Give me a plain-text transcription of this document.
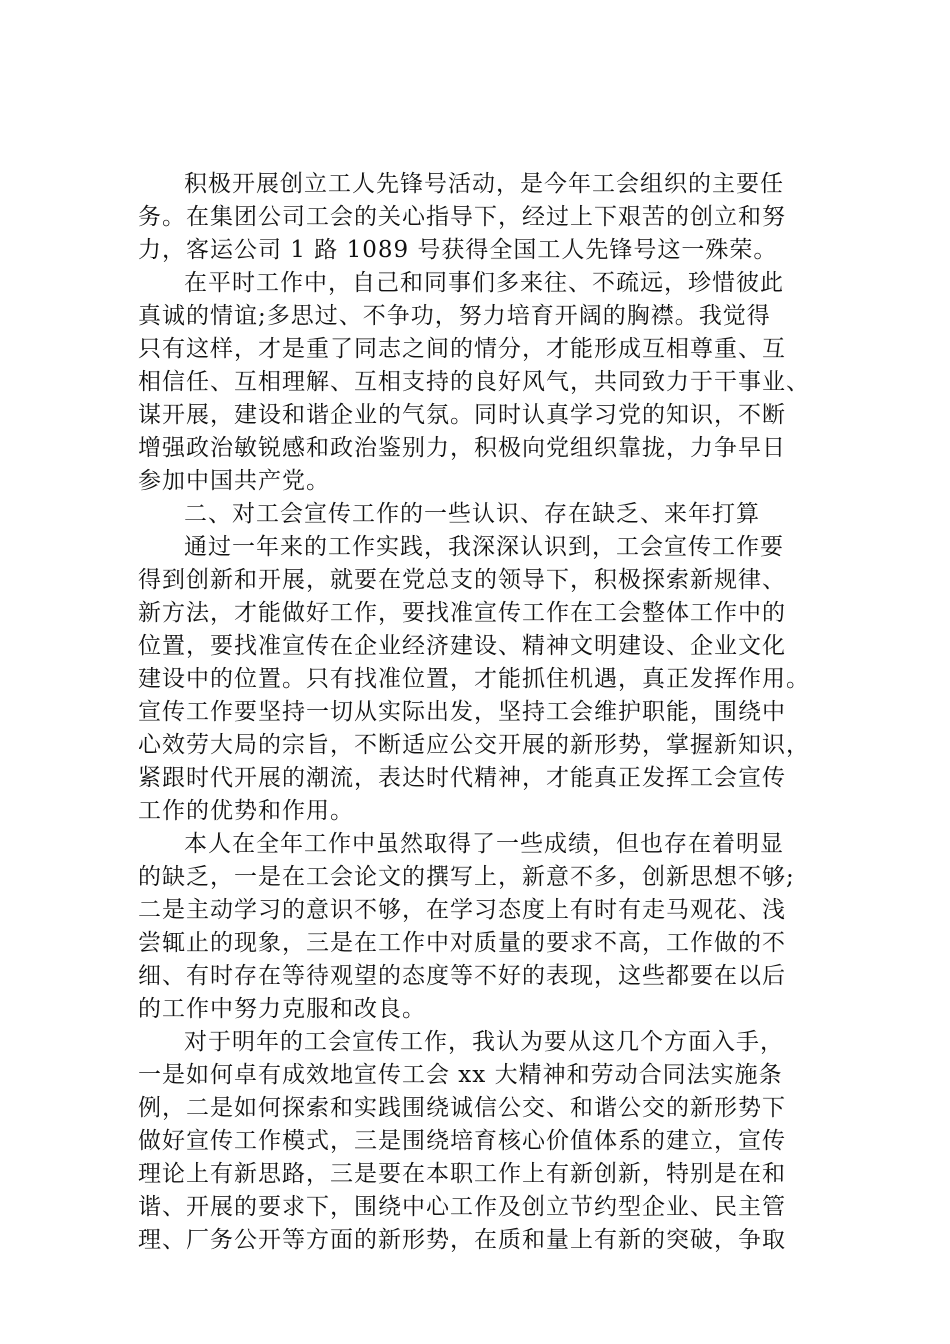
积极开展创立工人先锋号活动，是今年工会组织的主要任
务。在集团公司工会的关心指导下，经过上下艰苦的创立和努
力，客运公司 1 路 1089 号获得全国工人先锋号这一殊荣。
在平时工作中，自己和同事们多来往、不疏远，珍惜彼此
真诚的情谊;多思过、不争功，努力培育开阔的胸襟。我觉得
只有这样，才是重了同志之间的情分，才能形成互相尊重、互
相信任、互相理解、互相支持的良好风气，共同致力于干事业、
谋开展，建设和谐企业的气氛。同时认真学习党的知识，不断
增强政治敏锐感和政治鉴别力，积极向党组织靠拢，力争早日
参加中国共产党。
二、对工会宣传工作的一些认识、存在缺乏、来年打算
通过一年来的工作实践，我深深认识到，工会宣传工作要
得到创新和开展，就要在党总支的领导下，积极探索新规律、
新方法，才能做好工作，要找准宣传工作在工会整体工作中的
位置，要找准宣传在企业经济建设、精神文明建设、企业文化
建设中的位置。只有找准位置，才能抓住机遇，真正发挥作用。
宣传工作要坚持一切从实际出发，坚持工会维护职能，围绕中
心效劳大局的宗旨，不断适应公交开展的新形势，掌握新知识，
紧跟时代开展的潮流，表达时代精神，才能真正发挥工会宣传
工作的优势和作用。
本人在全年工作中虽然取得了一些成绩，但也存在着明显
的缺乏，一是在工会论文的撰写上，新意不多，创新思想不够;
二是主动学习的意识不够，在学习态度上有时有走马观花、浅
尝辄止的现象，三是在工作中对质量的要求不高，工作做的不
细、有时存在等待观望的态度等不好的表现，这些都要在以后
的工作中努力克服和改良。
对于明年的工会宣传工作，我认为要从这几个方面入手，
一是如何卓有成效地宣传工会 xx 大精神和劳动合同法实施条
例，二是如何探索和实践围绕诚信公交、和谐公交的新形势下
做好宣传工作模式，三是围绕培育核心价值体系的建立，宣传
理论上有新思路，三是要在本职工作上有新创新，特别是在和
谐、开展的要求下，围绕中心工作及创立节约型企业、民主管
理、厂务公开等方面的新形势，在质和量上有新的突破，争取
